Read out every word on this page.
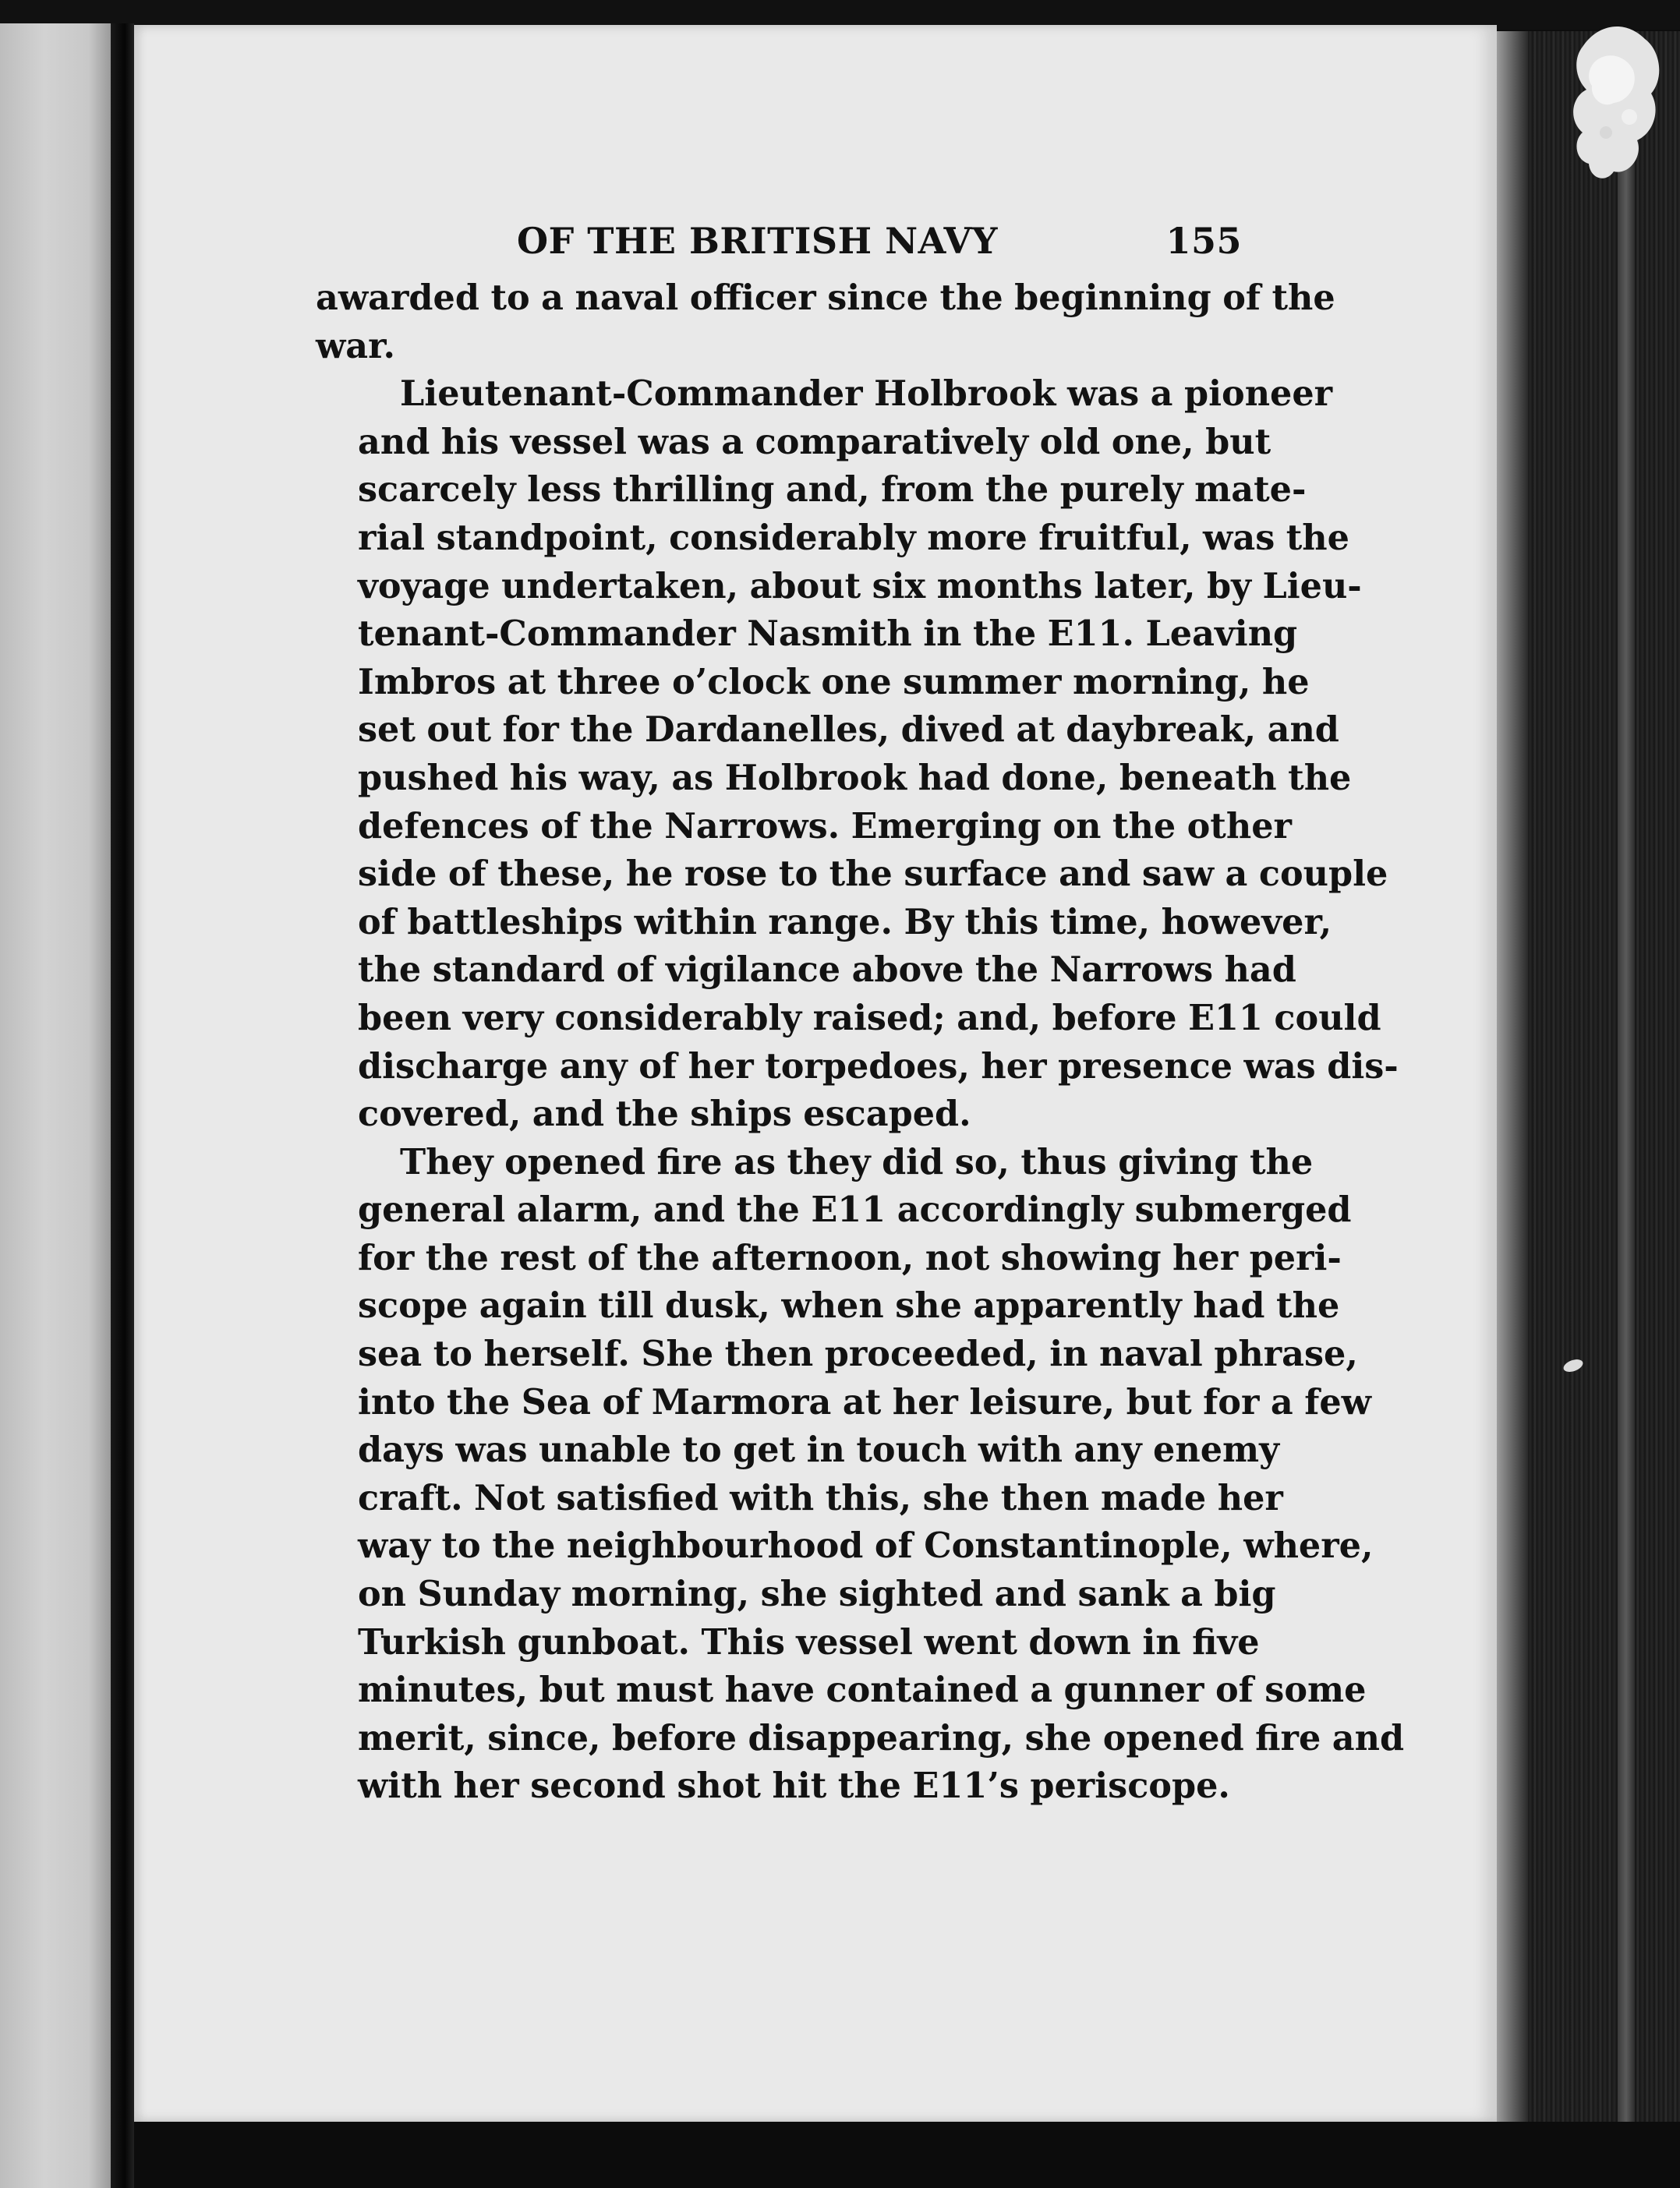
OF THE BRITISH NAVY	155
awarded to a naval officer since the beginning of the
war.
Lieutenant-Commander Holbrook was a pioneer
and his vessel was a comparatively old one, but
scarcely less thrilling and, from the purely mate-
rial standpoint, considerably more fruitful, was the
voyage undertaken, about six months later, by Lieu-
tenant-Commander Nasmith in the E11. Leaving
Imbros at three o’clock one summer morning, he
set out for the Dardanelles, dived at daybreak, and
pushed his way, as Holbrook had done, beneath the
defences of the Narrows. Emerging on the other
side of these, he rose to the surface and saw a couple
of battleships within range. By this time, however,
the standard of vigilance above the Narrows had
been very considerably raised; and, before E11 could
discharge any of her torpedoes, her presence was dis-
covered, and the ships escaped.
They opened fire as they did so, thus giving the
general alarm, and the E11 accordingly submerged
for the rest of the afternoon, not showing her peri-
scope again till dusk, when she apparently had the
sea to herself. She then proceeded, in naval phrase,
into the Sea of Marmora at her leisure, but for a few
days was unable to get in touch with any enemy
craft. Not satisfied with this, she then made her
way to the neighbourhood of Constantinople, where,
on Sunday morning, she sighted and sank a big
Turkish gunboat. This vessel went down in five
minutes, but must have contained a gunner of some
merit, since, before disappearing, she opened fire and
with her second shot hit the E11’s periscope.
